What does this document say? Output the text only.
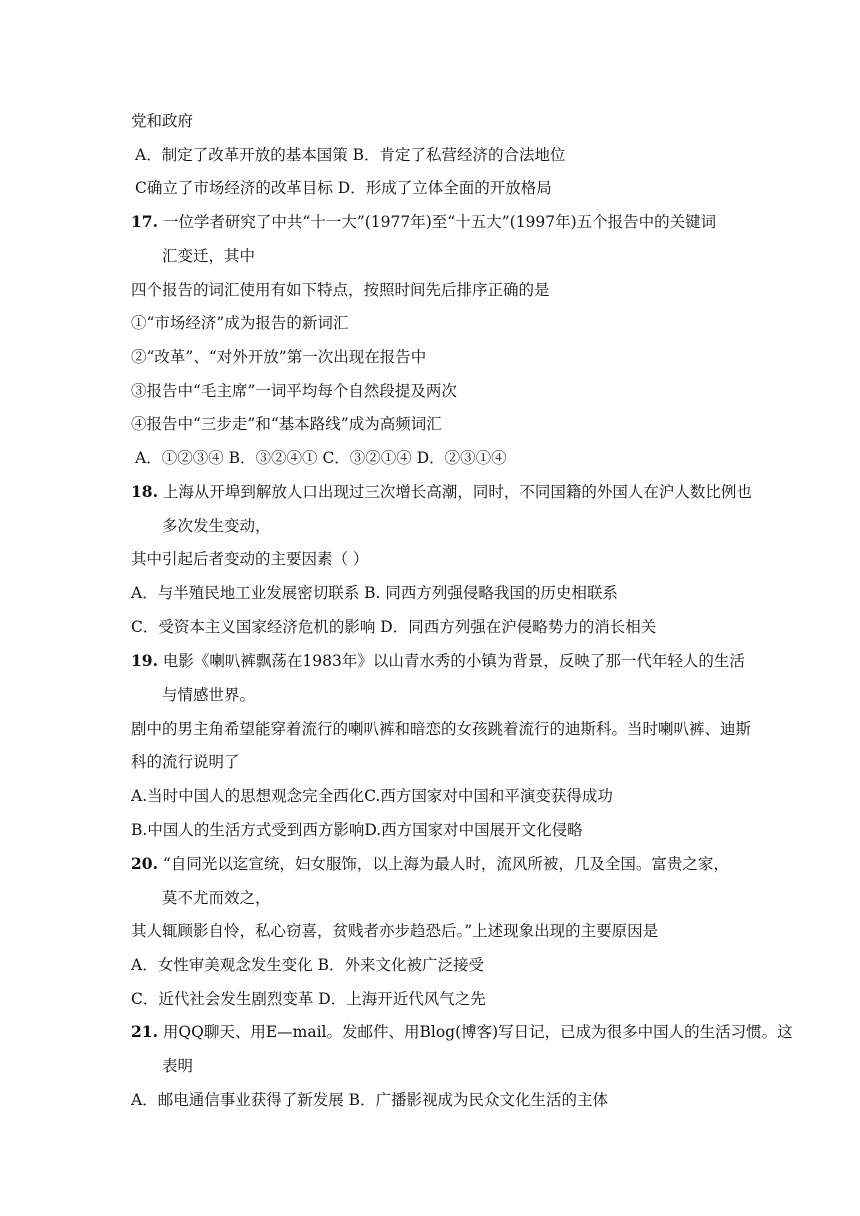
党和政府
A．制定了改革开放的基本国策 B．肯定了私营经济的合法地位
C确立了市场经济的改革目标 D．形成了立体全面的开放格局
17. 一位学者研究了中共“十一大”(1977年)至“十五大”(1997年)五个报告中的关键词
汇变迁，其中
四个报告的词汇使用有如下特点，按照时间先后排序正确的是
①“市场经济”成为报告的新词汇
②“改革”、“对外开放”第一次出现在报告中
③报告中“毛主席”一词平均每个自然段提及两次
④报告中“三步走”和“基本路线”成为高频词汇
A．①②③④ B．③②④① C．③②①④ D．②③①④
18. 上海从开埠到解放人口出现过三次增长高潮，同时，不同国籍的外国人在沪人数比例也
多次发生变动，
其中引起后者变动的主要因素（ ）
A．与半殖民地工业发展密切联系 B. 同西方列强侵略我国的历史相联系
C．受资本主义国家经济危机的影响 D．同西方列强在沪侵略势力的消长相关
19. 电影《喇叭裤飘荡在1983年》以山青水秀的小镇为背景，反映了那一代年轻人的生活
与情感世界。
剧中的男主角希望能穿着流行的喇叭裤和暗恋的女孩跳着流行的迪斯科。当时喇叭裤、迪斯
科的流行说明了
A.当时中国人的思想观念完全西化C.西方国家对中国和平演变获得成功
B.中国人的生活方式受到西方影响D.西方国家对中国展开文化侵略
20. “自同光以迄宣统，妇女服饰，以上海为最人时，流风所被，几及全国。富贵之家，
莫不尤而效之，
其人辄顾影自怜，私心窃喜，贫贱者亦步趋恐后。”上述现象出现的主要原因是
A．女性审美观念发生变化 B．外来文化被广泛接受
C．近代社会发生剧烈变革 D．上海开近代风气之先
21. 用QQ聊天、用E—mail。发邮件、用Blog(博客)写日记，已成为很多中国人的生活习惯。这
表明
A．邮电通信事业获得了新发展 B．广播影视成为民众文化生活的主体
